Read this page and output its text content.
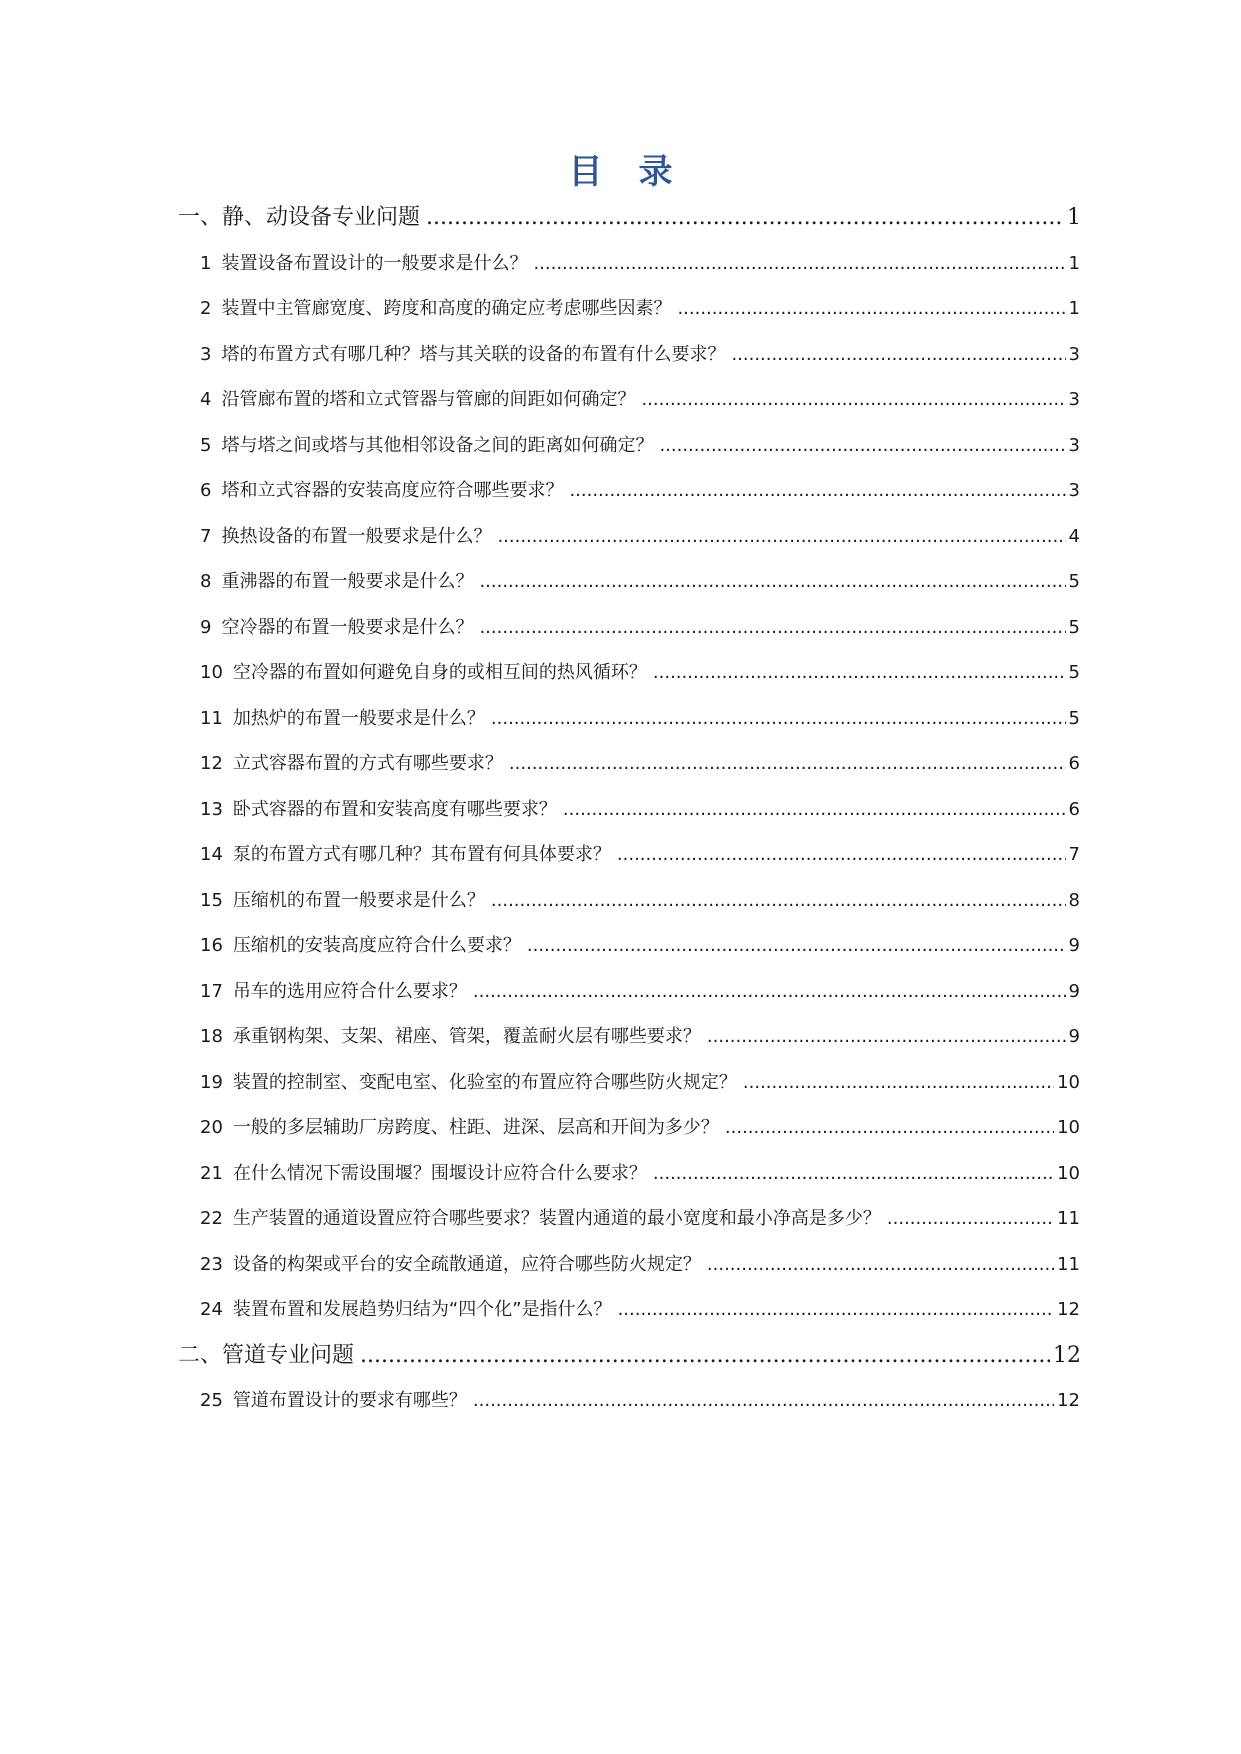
目录
一、静、动设备专业问题 .....	1
1 装置设备布置设计的一般要求是什么？ .....	1
2 装置中主管廊宽度、跨度和高度的确定应考虑哪些因素？ .....	1
3 塔的布置方式有哪几种？塔与其关联的设备的布置有什么要求？ .....	3
4 沿管廊布置的塔和立式管器与管廊的间距如何确定？ .....	3
5 塔与塔之间或塔与其他相邻设备之间的距离如何确定？ .....	3
6 塔和立式容器的安装高度应符合哪些要求？ .....	3
7 换热设备的布置一般要求是什么？ .....	4
8 重沸器的布置一般要求是什么？ .....	5
9 空冷器的布置一般要求是什么？ .....	5
10 空冷器的布置如何避免自身的或相互间的热风循环？ .....	5
11 加热炉的布置一般要求是什么？ .....	5
12 立式容器布置的方式有哪些要求？ .....	6
13 卧式容器的布置和安装高度有哪些要求？ .....	6
14 泵的布置方式有哪几种？其布置有何具体要求？ .....	7
15 压缩机的布置一般要求是什么？ .....	8
16 压缩机的安装高度应符合什么要求？ .....	9
17 吊车的选用应符合什么要求？ .....	9
18 承重钢构架、支架、裙座、管架，覆盖耐火层有哪些要求？ .....	9
19 装置的控制室、变配电室、化验室的布置应符合哪些防火规定？ .....	10
20 一般的多层辅助厂房跨度、柱距、进深、层高和开间为多少？ .....	10
21 在什么情况下需设围堰？围堰设计应符合什么要求？ .....	10
22 生产装置的通道设置应符合哪些要求？装置内通道的最小宽度和最小净高是多少？ .....	11
23 设备的构架或平台的安全疏散通道，应符合哪些防火规定？ .....	11
24 装置布置和发展趋势归结为“四个化”是指什么？ .....	12
二、管道专业问题 .....	12
25 管道布置设计的要求有哪些？ .....	12
